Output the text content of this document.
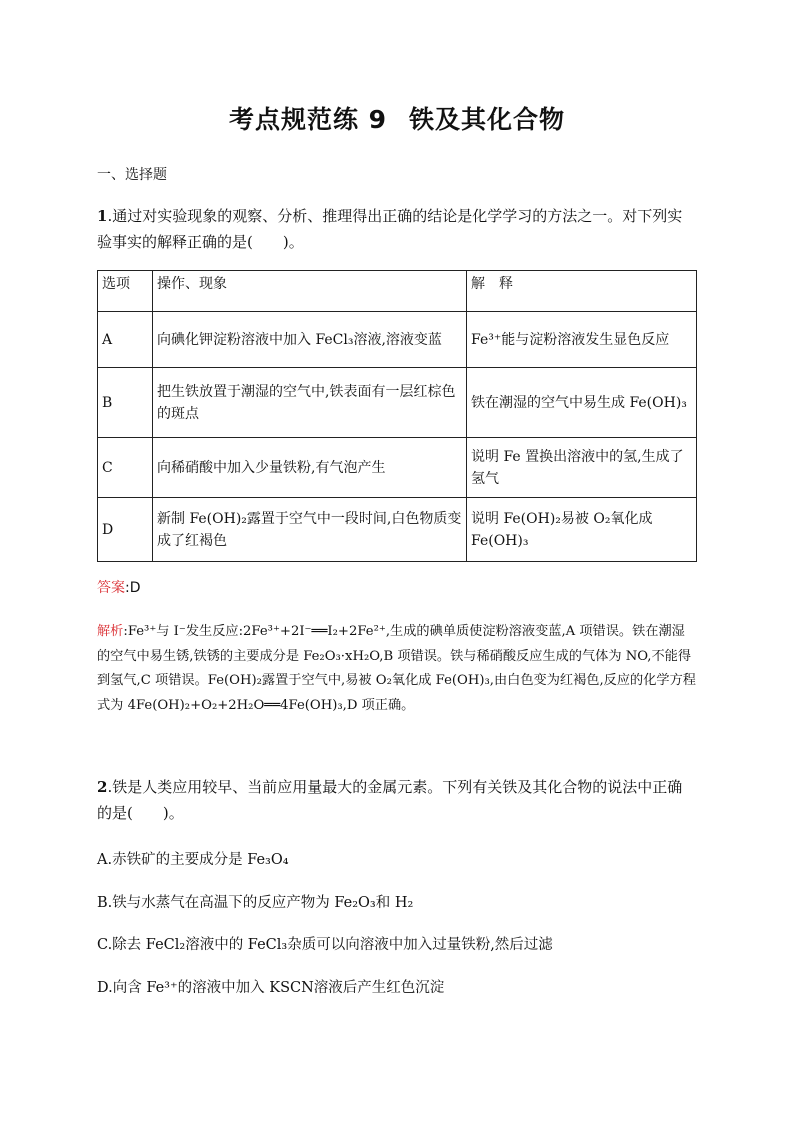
考点规范练 9 铁及其化合物
一、选择题
1.通过对实验现象的观察、分析、推理得出正确的结论是化学学习的方法之一。对下列实验事实的解释正确的是(　　)。
选项	操作、现象	解　释
A	向碘化钾淀粉溶液中加入 FeCl₃溶液,溶液变蓝	Fe³⁺能与淀粉溶液发生显色反应
B	把生铁放置于潮湿的空气中,铁表面有一层红棕色的斑点	铁在潮湿的空气中易生成 Fe(OH)₃
C	向稀硝酸中加入少量铁粉,有气泡产生	说明 Fe 置换出溶液中的氢,生成了氢气
D	新制 Fe(OH)₂露置于空气中一段时间,白色物质变成了红褐色	说明 Fe(OH)₂易被 O₂氧化成 Fe(OH)₃
答案:D
解析:Fe³⁺与 I⁻发生反应:2Fe³⁺+2I⁻══I₂+2Fe²⁺,生成的碘单质使淀粉溶液变蓝,A 项错误。铁在潮湿的空气中易生锈,铁锈的主要成分是 Fe₂O₃·xH₂O,B 项错误。铁与稀硝酸反应生成的气体为 NO,不能得到氢气,C 项错误。Fe(OH)₂露置于空气中,易被 O₂氧化成 Fe(OH)₃,由白色变为红褐色,反应的化学方程式为 4Fe(OH)₂+O₂+2H₂O══4Fe(OH)₃,D 项正确。
2.铁是人类应用较早、当前应用量最大的金属元素。下列有关铁及其化合物的说法中正确的是(　　)。
A.赤铁矿的主要成分是 Fe₃O₄
B.铁与水蒸气在高温下的反应产物为 Fe₂O₃和 H₂
C.除去 FeCl₂溶液中的 FeCl₃杂质可以向溶液中加入过量铁粉,然后过滤
D.向含 Fe³⁺的溶液中加入 KSCN溶液后产生红色沉淀
